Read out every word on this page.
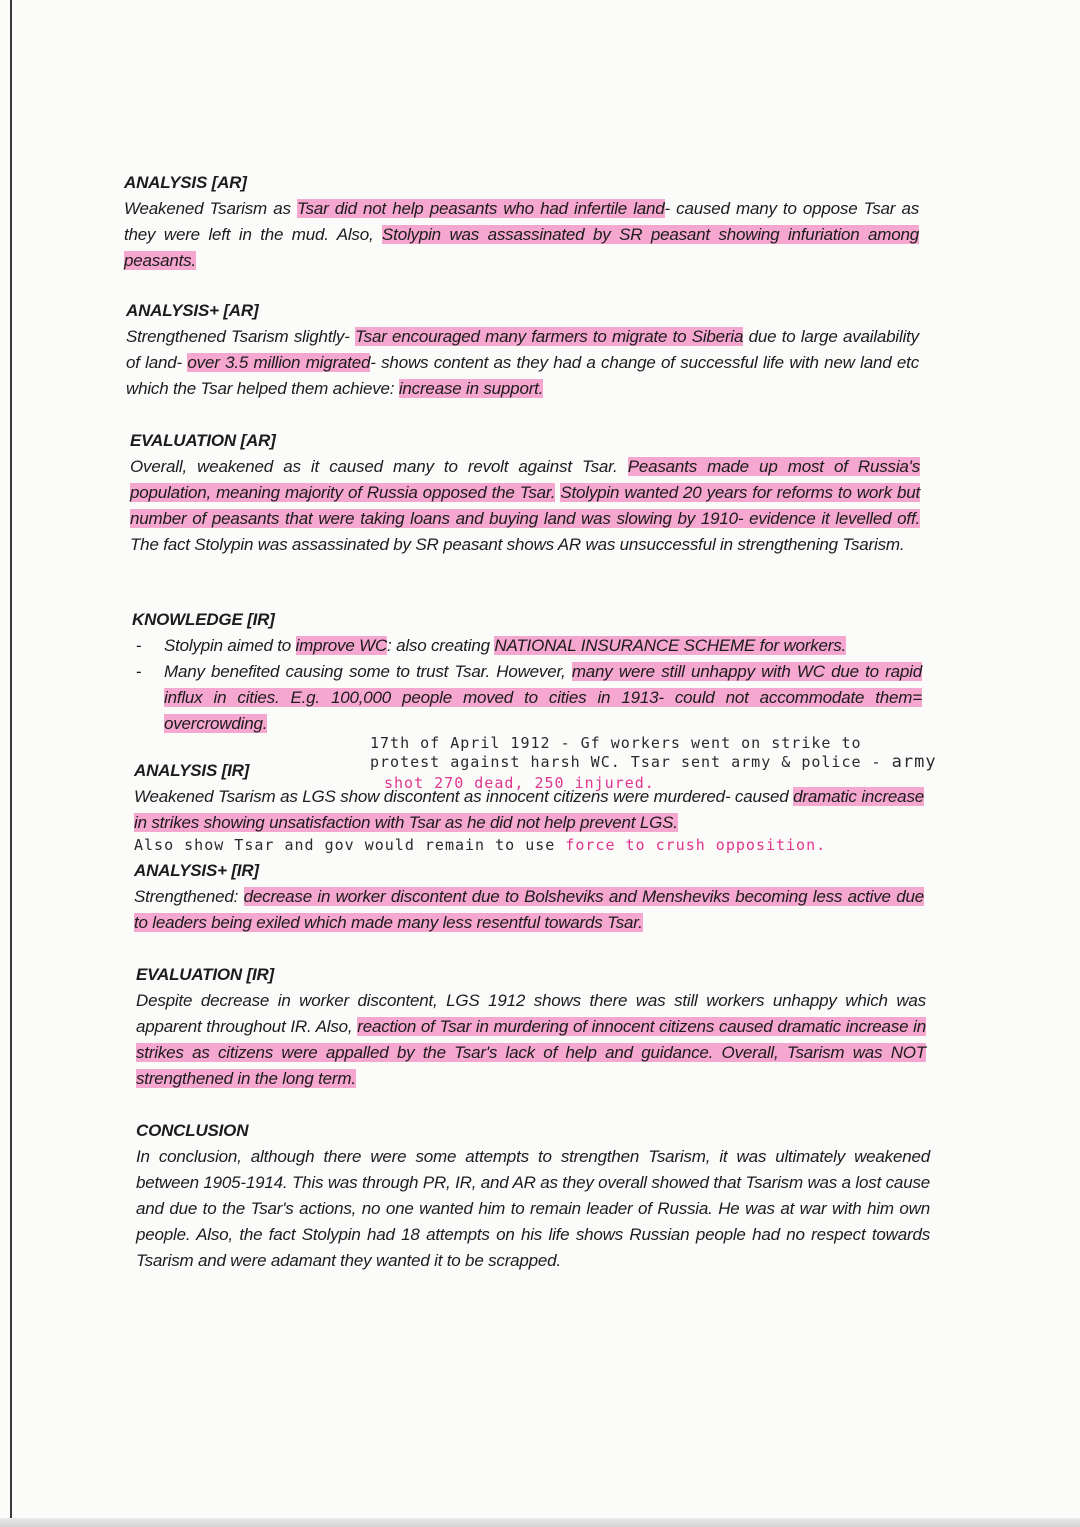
ANALYSIS [AR]
Weakened Tsarism as Tsar did not help peasants who had infertile land- caused many to oppose Tsar as they were left in the mud. Also, Stolypin was assassinated by SR peasant showing infuriation among peasants.
ANALYSIS+ [AR]
Strengthened Tsarism slightly- Tsar encouraged many farmers to migrate to Siberia due to large availability of land- over 3.5 million migrated- shows content as they had a change of successful life with new land etc which the Tsar helped them achieve: increase in support.
EVALUATION [AR]
Overall, weakened as it caused many to revolt against Tsar. Peasants made up most of Russia's population, meaning majority of Russia opposed the Tsar. Stolypin wanted 20 years for reforms to work but number of peasants that were taking loans and buying land was slowing by 1910- evidence it levelled off. The fact Stolypin was assassinated by SR peasant shows AR was unsuccessful in strengthening Tsarism.
KNOWLEDGE [IR]
- Stolypin aimed to improve WC: also creating NATIONAL INSURANCE SCHEME for workers.
- Many benefited causing some to trust Tsar. However, many were still unhappy with WC due to rapid influx in cities. E.g. 100,000 people moved to cities in 1913- could not accommodate them= overcrowding.
17th of April 1912 - Gf workers went on strike to
protest against harsh WC. Tsar sent army & police - army
shot 270 dead, 250 injured.
ANALYSIS [IR]
Weakened Tsarism as LGS show discontent as innocent citizens were murdered- caused dramatic increase in strikes showing unsatisfaction with Tsar as he did not help prevent LGS.
Also show Tsar and gov would remain to use force to crush opposition.
ANALYSIS+ [IR]
Strengthened: decrease in worker discontent due to Bolsheviks and Mensheviks becoming less active due to leaders being exiled which made many less resentful towards Tsar.
EVALUATION [IR]
Despite decrease in worker discontent, LGS 1912 shows there was still workers unhappy which was apparent throughout IR. Also, reaction of Tsar in murdering of innocent citizens caused dramatic increase in strikes as citizens were appalled by the Tsar's lack of help and guidance. Overall, Tsarism was NOT strengthened in the long term.
CONCLUSION
In conclusion, although there were some attempts to strengthen Tsarism, it was ultimately weakened between 1905-1914. This was through PR, IR, and AR as they overall showed that Tsarism was a lost cause and due to the Tsar's actions, no one wanted him to remain leader of Russia. He was at war with him own people. Also, the fact Stolypin had 18 attempts on his life shows Russian people had no respect towards Tsarism and were adamant they wanted it to be scrapped.
